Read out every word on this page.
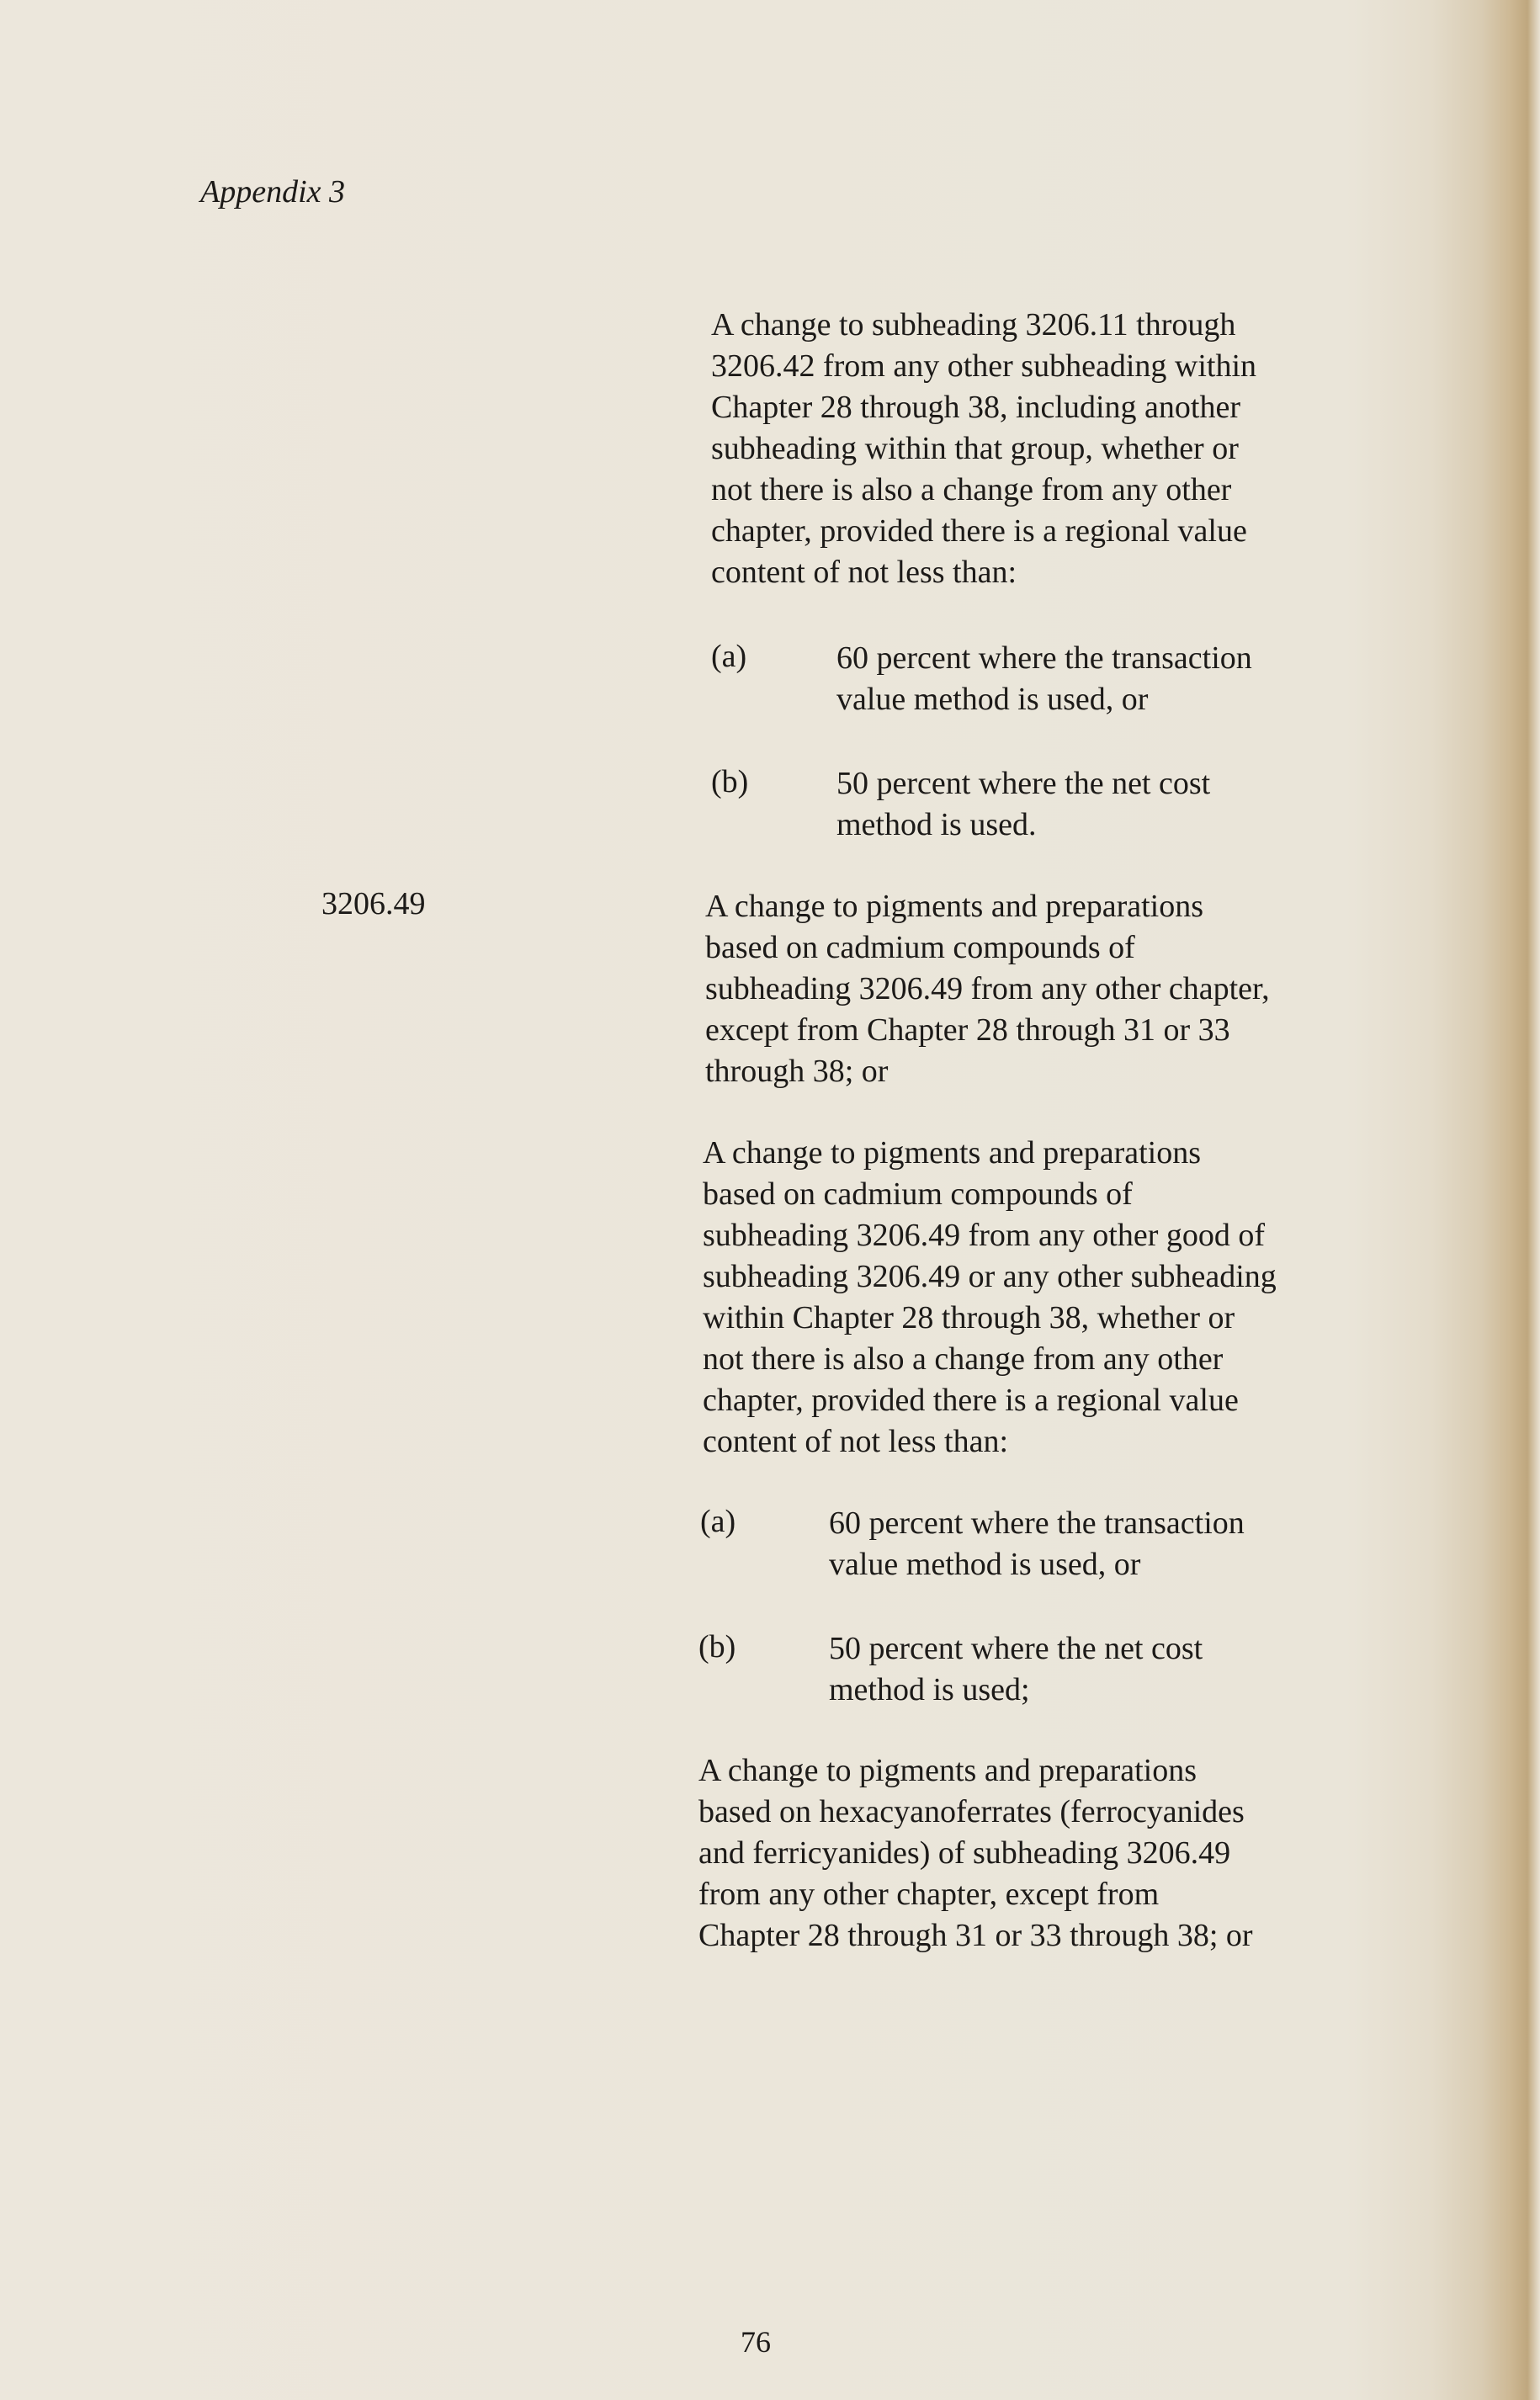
Appendix 3
A change to subheading 3206.11 through
3206.42 from any other subheading within
Chapter 28 through 38, including another
subheading within that group, whether or
not there is also a change from any other
chapter, provided there is a regional value
content of not less than:
(a)	60 percent where the transaction
value method is used, or
(b)	50 percent where the net cost
method is used.
3206.49	A change to pigments and preparations
based on cadmium compounds of
subheading 3206.49 from any other chapter,
except from Chapter 28 through 31 or 33
through 38; or
A change to pigments and preparations
based on cadmium compounds of
subheading 3206.49 from any other good of
subheading 3206.49 or any other subheading
within Chapter 28 through 38, whether or
not there is also a change from any other
chapter, provided there is a regional value
content of not less than:
(a)	60 percent where the transaction
value method is used, or
(b)	50 percent where the net cost
method is used;
A change to pigments and preparations
based on hexacyanoferrates (ferrocyanides
and ferricyanides) of subheading 3206.49
from any other chapter, except from
Chapter 28 through 31 or 33 through 38; or
76
